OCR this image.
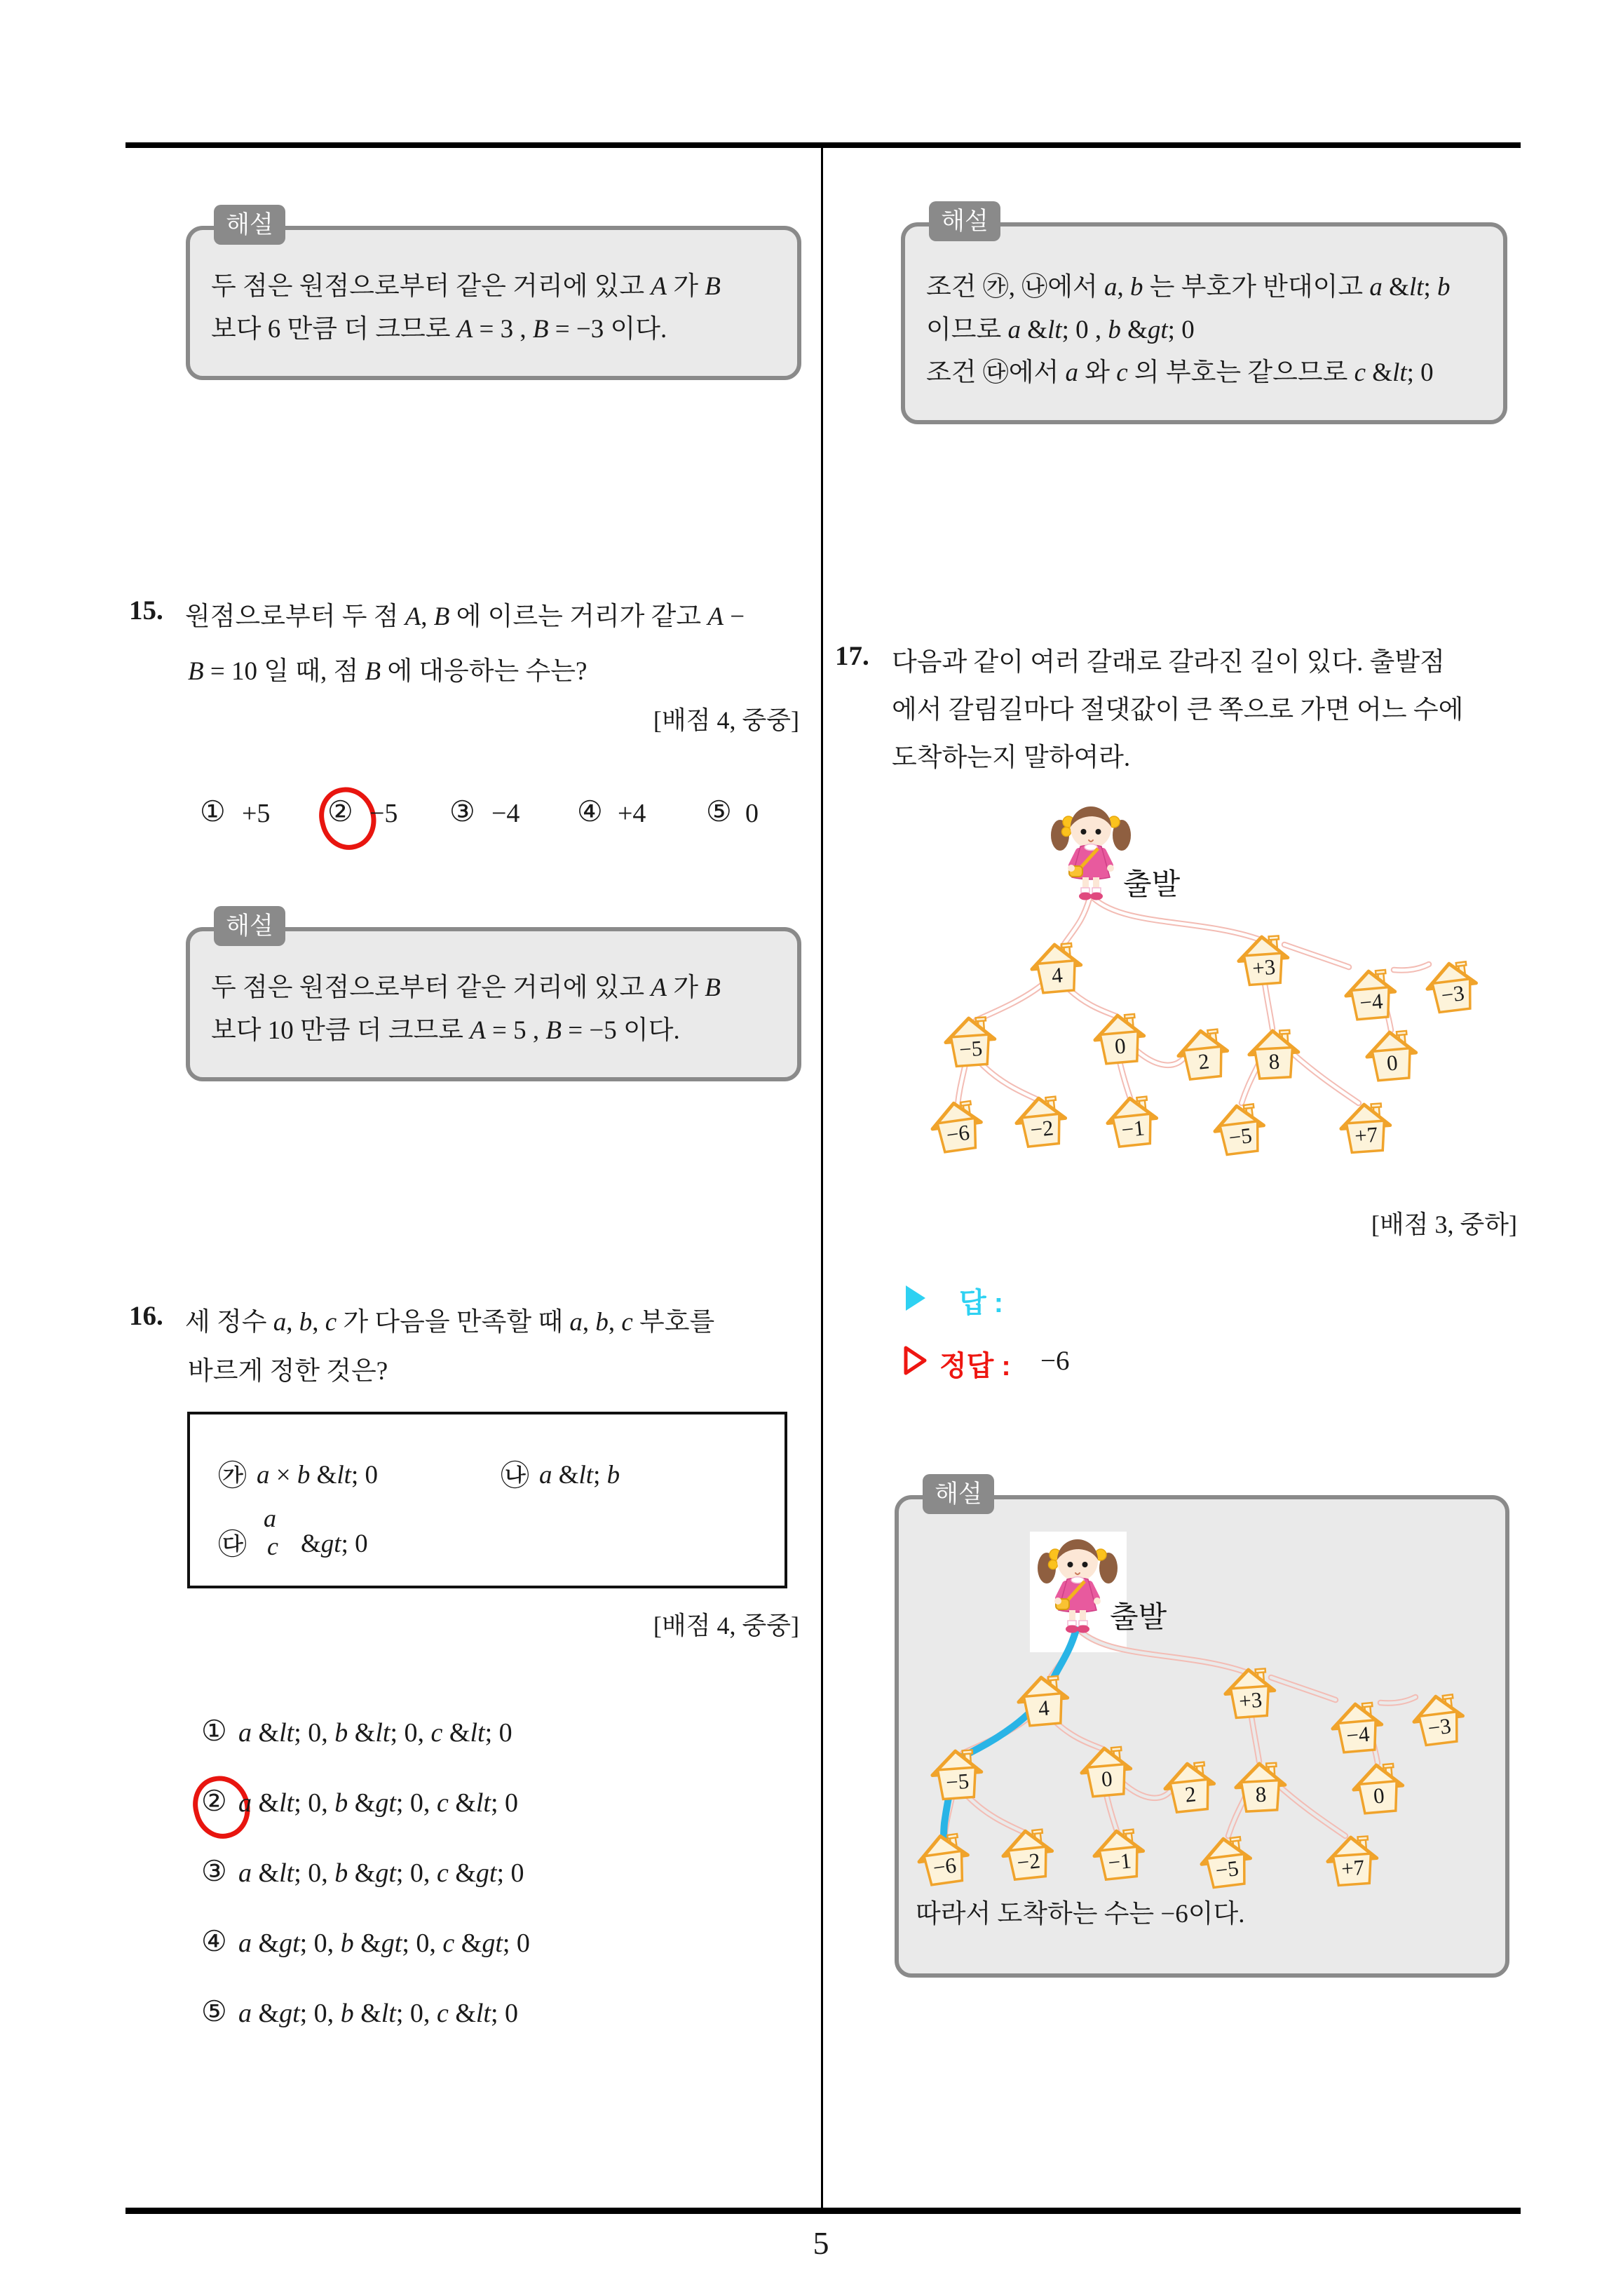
5
해설
두 점은 원점으로부터 같은 거리에 있고 A 가 B
보다 6 만큼 더 크므로 A = 3 , B = −3 이다.
15. 원점으로부터 두 점 A, B 에 이르는 거리가 같고 A −
B = 10 일 때, 점 B 에 대응하는 수는?
[배점 4, 중중]
① +5 ② −5 ③ −4 ④ +4 ⑤ 0
해설
두 점은 원점으로부터 같은 거리에 있고 A 가 B
보다 10 만큼 더 크므로 A = 5 , B = −5 이다.
16. 세 정수 a, b, c 가 다음을 만족할 때 a, b, c 부호를
바르게 정한 것은?
㉮ a × b &lt; 0	㉯ a &lt; b
㉰
a c &gt; 0
[배점 4, 중중]
① a &lt; 0, b &lt; 0, c &lt; 0
② a &lt; 0, b &gt; 0, c &lt; 0
③ a &lt; 0, b &gt; 0, c &gt; 0
④ a &gt; 0, b &gt; 0, c &gt; 0
⑤ a &gt; 0, b &lt; 0, c &lt; 0
해설
조건 ㉮, ㉯에서 a, b 는 부호가 반대이고 a &lt; b
이므로 a &lt; 0 , b &gt; 0
조건 ㉰에서 a 와 c 의 부호는 같으므로 c &lt; 0
17. 다음과 같이 여러 갈래로 갈라진 길이 있다. 출발점
에서 갈림길마다 절댓값이 큰 쪽으로 가면 어느 수에
도착하는지 말하여라.
4	+3
−4	−3
−5	0
2	8	0
−6	−2	−1	−5	+7
출발
[배점 3, 중하]
답 :
정답 : −6
해설
4	+3
−4	−3
−5	0
2	8	0
−6	−2	−1	−5	+7
출발
따라서 도착하는 수는 −6이다.
